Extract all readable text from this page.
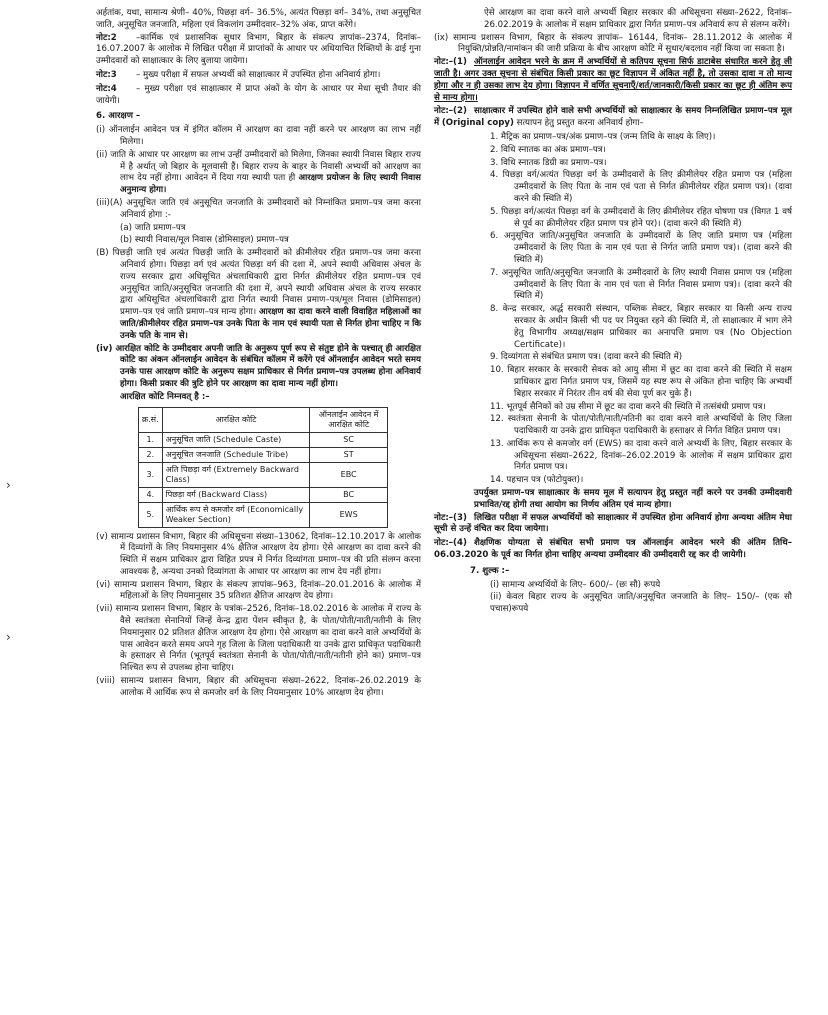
›
›

अर्हतांक, यथा, सामान्य श्रेणी– 40%, पिछड़ा वर्ग– 36.5%, अत्यंत पिछड़ा वर्ग– 34%, तथा अनुसूचित जाति, अनुसूचित जनजाति, महिला एवं विकलांग उम्मीदवार–32% अंक, प्राप्त करेंगे।

नोट:2 –कार्मिक एवं प्रशासनिक सुधार विभाग, बिहार के संकल्प ज्ञापांक–2374, दिनांक–16.07.2007 के आलोक में लिखित परीक्षा में प्राप्तांकों के आधार पर अधियाचित रिक्तियों के ढाई गुना उम्मीदवारों को साक्षात्कार के लिए बुलाया जायेगा।

नोट:3 – मुख्य परीक्षा में सफल अभ्यर्थी को साक्षात्कार में उपस्थित होना अनिवार्य होगा।

नोट:4 – मुख्य परीक्षा एवं साक्षात्कार में प्राप्त अंकों के योग के आधार पर मेधा सूची तैयार की जायेगी।

6. आरक्षण –

(i) ऑनलाईन आवेदन पत्र में इंगित कॉलम में आरक्षण का दावा नहीं करने पर आरक्षण का लाभ नहीं मिलेगा।

(ii) जाति के आधार पर आरक्षण का लाभ उन्हीं उम्मीदवारों को मिलेगा, जिनका स्थायी निवास बिहार राज्य में है अर्थात् जो बिहार के मूलवासी हैं। बिहार राज्य के बाहर के निवासी अभ्यर्थी को आरक्षण का लाभ देय नहीं होगा। आवेदन में दिया गया स्थायी पता ही आरक्षण प्रयोजन के लिए स्थायी निवास अनुमान्य होगा।

(iii)(A) अनुसूचित जाति एवं अनुसूचित जनजाति के उम्मीदवारों को निम्नांकित प्रमाण–पत्र जमा करना अनिवार्य होगा :-

(a) जाति प्रमाण–पत्र

(b) स्थायी निवास/मूल निवास (डोमिसाइल) प्रमाण–पत्र

(B) पिछड़ी जाति एवं अत्यंत पिछड़ी जाति के उम्मीदवारों को क्रीमीलेयर रहित प्रमाण–पत्र जमा करना अनिवार्य होगा। पिछड़ा वर्ग एवं अत्यंत पिछड़ा वर्ग की दशा में, अपने स्थायी अधिवास अंचल के राज्य सरकार द्वारा अधिसूचित अंचलाधिकारी द्वारा निर्गत क्रीमीलेयर रहित प्रमाण–पत्र एवं अनुसूचित जाति/अनुसूचित जनजाति की दशा में, अपने स्थायी अधिवास अंचल के राज्य सरकार द्वारा अधिसूचित अंचलाधिकारी द्वारा निर्गत स्थायी निवास प्रमाण–पत्र/मूल निवास (डोमिसाइल) प्रमाण–पत्र एवं जाति प्रमाण–पत्र मान्य होगा। आरक्षण का दावा करने वाली विवाहित महिलाओं का जाति/क्रीमीलेयर रहित प्रमाण–पत्र उनके पिता के नाम एवं स्थायी पता से निर्गत होना चाहिए न कि उनके पति के नाम से।

(iv) आरक्षित कोटि के उम्मीदवार अपनी जाति के अनुरूप पूर्ण रूप से संतुष्ट होने के पश्चात् ही आरक्षित कोटि का अंकन ऑनलाईन आवेदन के संबंधित कॉलम में करेंगे एवं ऑनलाईन आवेदन भरते समय उनके पास आरक्षण कोटि के अनुरूप सक्षम प्राधिकार से निर्गत प्रमाण–पत्र उपलब्ध होना अनिवार्य होगा। किसी प्रकार की त्रुटि होने पर आरक्षण का दावा मान्य नहीं होगा।

आरक्षित कोटि निम्नवत् है :–

क्र.सं.	आरक्षित कोटि	ऑनलाईन आवेदन में आरक्षित कोटि
1.	अनुसूचित जाति (Schedule Caste)	SC
2.	अनुसूचित जनजाति (Schedule Tribe)	ST
3.	अति पिछड़ा वर्ग (Extremely Backward Class)	EBC
4.	पिछड़ा वर्ग (Backward Class)	BC
5.	आर्थिक रूप से कमजोर वर्ग (Economically Weaker Section)	EWS

(v) सामान्य प्रशासन विभाग, बिहार की अधिसूचना संख्या–13062, दिनांक–12.10.2017 के आलोक में दिव्यांगों के लिए नियमानुसार 4% क्षैतिज आरक्षण देय होगा। ऐसे आरक्षण का दावा करने की स्थिति में सक्षम प्राधिकार द्वारा विहित प्रपत्र में निर्गत दिव्यांगता प्रमाण–पत्र की प्रति संलग्न करना आवश्यक है, अन्यथा उनको दिव्यांगता के आधार पर आरक्षण का लाभ देय नहीं होगा।

(vi) सामान्य प्रशासन विभाग, बिहार के संकल्प ज्ञापांक–963, दिनांक–20.01.2016 के आलोक में महिलाओं के लिए नियमानुसार 35 प्रतिशत क्षैतिज आरक्षण देय होगा।

(vii) सामान्य प्रशासन विभाग, बिहार के पत्रांक–2526, दिनांक–18.02.2016 के आलोक में राज्य के वैसे स्वतंत्रता सेनानियों जिन्हें केन्द्र द्वारा पेंशन स्वीकृत है, के पोता/पोती/नाती/नतीनी के लिए नियमानुसार 02 प्रतिशत क्षैतिज आरक्षण देय होगा। ऐसे आरक्षण का दावा करने वाले अभ्यर्थियों के पास आवेदन करते समय अपने गृह जिला के जिला पदाधिकारी या उनके द्वारा प्राधिकृत पदाधिकारी के हस्ताक्षर से निर्गत (भूतपूर्व स्वतंत्रता सेनानी के पोता/पोती/नाती/नतीनी होने का) प्रमाण–पत्र निश्चित रूप से उपलब्ध होना चाहिए।

(viii) सामान्य प्रशासन विभाग, बिहार की अधिसूचना संख्या–2622, दिनांक–26.02.2019 के आलोक में आर्थिक रूप से कमजोर वर्ग के लिए नियमानुसार 10% आरक्षण देय होगा।

ऐसे आरक्षण का दावा करने वाले अभ्यर्थी बिहार सरकार की अधिसूचना संख्या–2622, दिनांक–26.02.2019 के आलोक में सक्षम प्राधिकार द्वारा निर्गत प्रमाण–पत्र अनिवार्य रूप से संलग्न करेंगे।

(ix) सामान्य प्रशासन विभाग, बिहार के संकल्प ज्ञापांक– 16144, दिनांक– 28.11.2012 के आलोक में नियुक्ति/प्रोन्नति/नामांकन की जारी प्रक्रिया के बीच आरक्षण कोटि में सुधार/बदलाव नहीं किया जा सकता है।

नोट:–(1) ऑनलाईन आवेदन भरने के क्रम में अभ्यर्थियों से कतिपय सूचना सिर्फ डाटाबेस संधारित करने हेतु ली जाती है। अगर उक्त सूचना से संबंधित किसी प्रकार का छूट विज्ञापन में अंकित नहीं है, तो उसका दावा न तो मान्य होगा और न ही उसका लाभ देय होगा। विज्ञापन में वर्णित सूचनाएँ/शर्त/जानकारी/किसी प्रकार का छूट ही अंतिम रूप से मान्य होगा।

नोट:–(2) साक्षात्कार में उपस्थित होने वाले सभी अभ्यर्थियों को साक्षात्कार के समय निम्नलिखित प्रमाण–पत्र मूल में (Original copy) सत्यापन हेतु प्रस्तुत करना अनिवार्य होगा–

1. मैट्रिक का प्रमाण–पत्र/अंक प्रमाण–पत्र (जन्म तिथि के साक्ष्य के लिए)।

2. विधि स्नातक का अंक प्रमाण–पत्र।

3. विधि स्नातक डिग्री का प्रमाण–पत्र।

4. पिछड़ा वर्ग/अत्यंत पिछड़ा वर्ग के उम्मीदवारों के लिए क्रीमीलेयर रहित प्रमाण पत्र (महिला उम्मीदवारों के लिए पिता के नाम एवं पता से निर्गत क्रीमीलेयर रहित प्रमाण पत्र)। (दावा करने की स्थिति में)

5. पिछड़ा वर्ग/अत्यंत पिछड़ा वर्ग के उम्मीदवारों के लिए क्रीमीलेयर रहित घोषणा पत्र (विगत 1 वर्ष से पूर्व का क्रीमीलेयर रहित प्रमाण पत्र होने पर)। (दावा करने की स्थिति में)

6. अनुसूचित जाति/अनुसूचित जनजाति के उम्मीदवारों के लिए जाति प्रमाण पत्र (महिला उम्मीदवारों के लिए पिता के नाम एवं पता से निर्गत जाति प्रमाण पत्र)। (दावा करने की स्थिति में)

7. अनुसूचित जाति/अनुसूचित जनजाति के उम्मीदवारों के लिए स्थायी निवास प्रमाण पत्र (महिला उम्मीदवारों के लिए पिता के नाम एवं पता से निर्गत निवास प्रमाण पत्र)। (दावा करने की स्थिति में)

8. केन्द्र सरकार, अर्द्ध सरकारी संस्थान, पब्लिक सेक्टर, बिहार सरकार या किसी अन्य राज्य सरकार के अधीन किसी भी पद पर नियुक्त रहने की स्थिति में, तो साक्षात्कार में भाग लेने हेतु विभागीय अध्यक्ष/सक्षम प्राधिकार का अनापत्ति प्रमाण पत्र (No Objection Certificate)।

9. दिव्यांगता से संबंधित प्रमाण पत्र। (दावा करने की स्थिति में)

10. बिहार सरकार के सरकारी सेवक को आयु सीमा में छूट का दावा करने की स्थिति में सक्षम प्राधिकार द्वारा निर्गत प्रमाण पत्र, जिसमें यह स्पष्ट रूप से अंकित होना चाहिए कि अभ्यर्थी बिहार सरकार में निरंतर तीन वर्ष की सेवा पूर्ण कर चुके हैं।

11. भूतपूर्व सैनिकों को उम्र सीमा में छूट का दावा करने की स्थिति में तत्संबंधी प्रमाण पत्र।

12. स्वतंत्रता सेनानी के पोता/पोती/नाती/नतिनी का दावा करने वाले अभ्यर्थियों के लिए जिला पदाधिकारी या उनके द्वारा प्राधिकृत पदाधिकारी के हस्ताक्षर से निर्गत विहित प्रमाण पत्र।

13. आर्थिक रूप से कमजोर वर्ग (EWS) का दावा करने वाले अभ्यर्थी के लिए, बिहार सरकार के अधिसूचना संख्या–2622, दिनांक–26.02.2019 के आलोक में सक्षम प्राधिकार द्वारा निर्गत प्रमाण पत्र।

14. पहचान पत्र (फोटोयुक्त)।

उपर्युक्त प्रमाण–पत्र साक्षात्कार के समय मूल में सत्यापन हेतु प्रस्तुत नहीं करने पर उनकी उम्मीदवारी प्रभावित/रद्द होगी तथा आयोग का निर्णय अंतिम एवं मान्य होगा।

नोट:–(3) लिखित परीक्षा में सफल अभ्यर्थियों को साक्षात्कार में उपस्थित होना अनिवार्य होगा अन्यथा अंतिम मेधा सूची से उन्हें वंचित कर दिया जायेगा।

नोट:–(4) शैक्षणिक योग्यता से संबंधित सभी प्रमाण पत्र ऑनलाईन आवेदन भरने की अंतिम तिथि–06.03.2020 के पूर्व का निर्गत होना चाहिए अन्यथा उम्मीदवार की उम्मीदवारी रद्द कर दी जायेगी।

7. शुल्क :–

(i) सामान्य अभ्यर्थियों के लिए– 600/– (छः सौ) रूपये

(ii) केवल बिहार राज्य के अनुसूचित जाति/अनुसूचित जनजाति के लिए– 150/– (एक सौ पचास)रूपये
